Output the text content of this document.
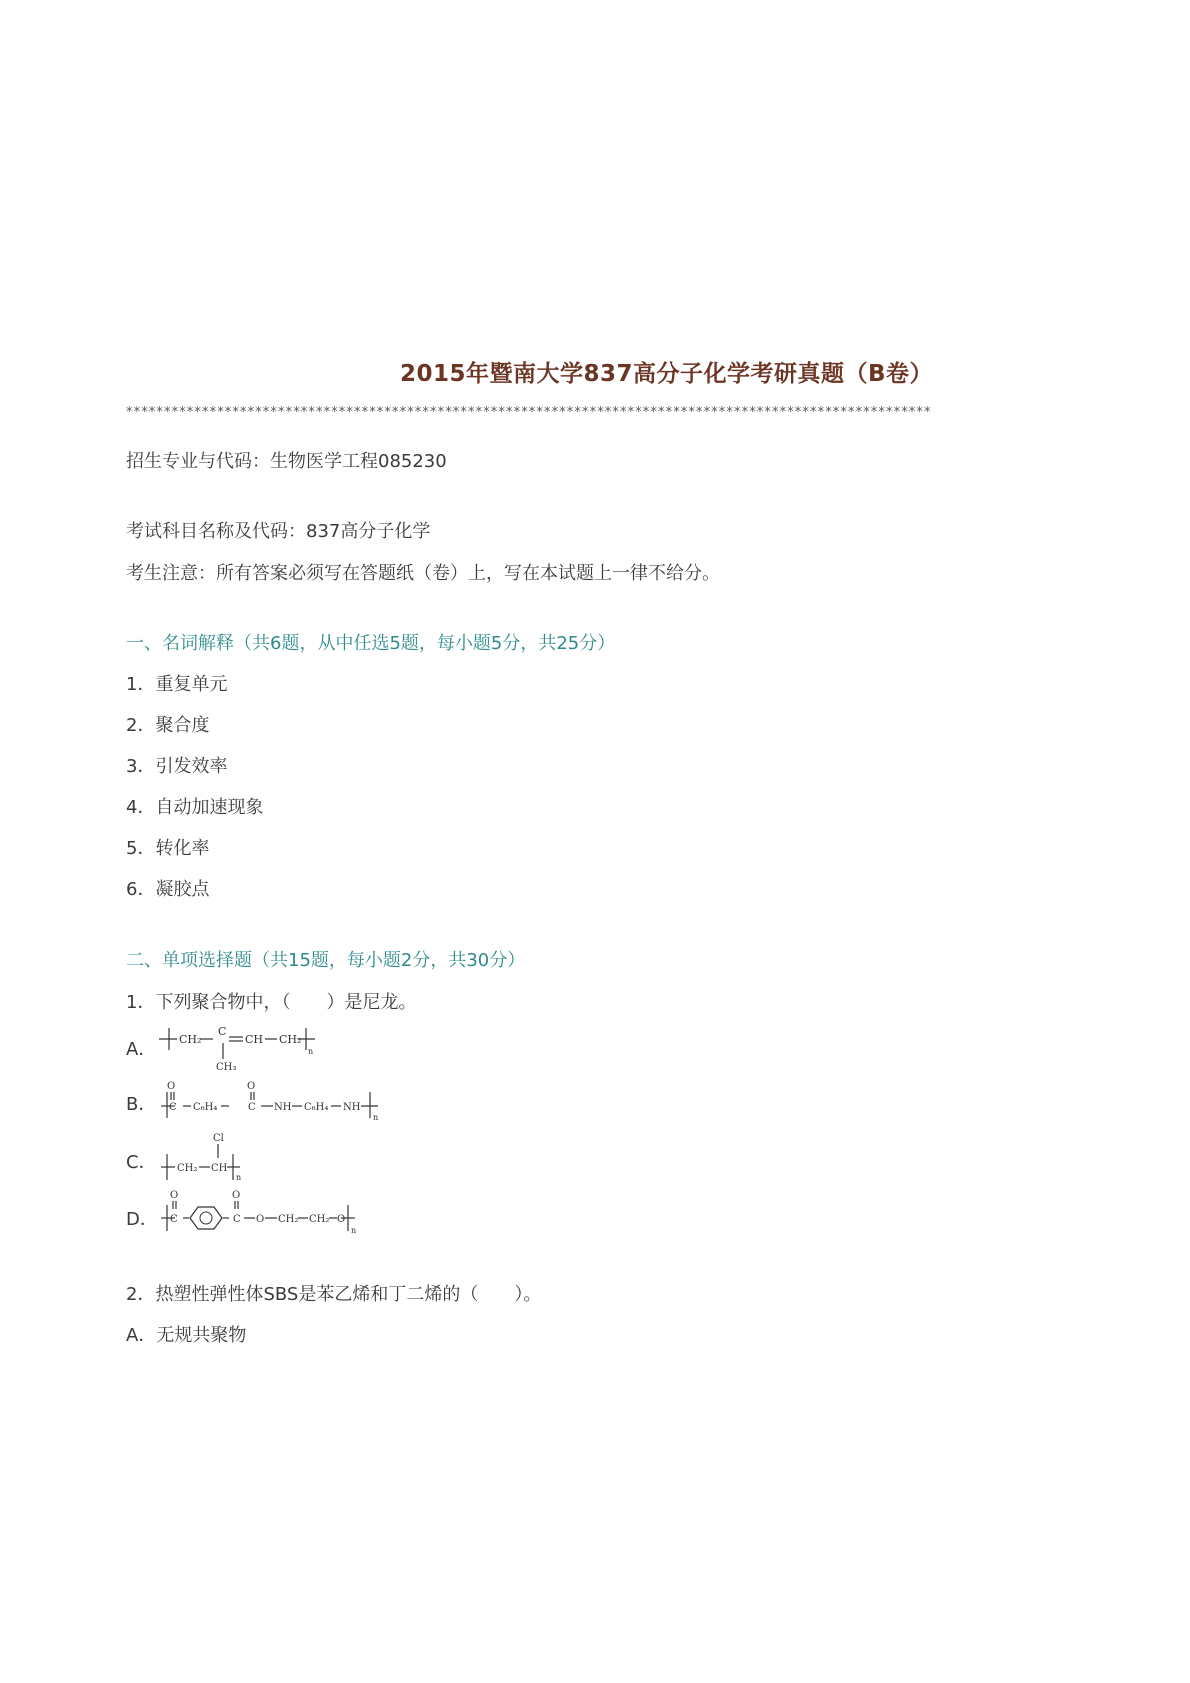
2015年暨南大学837高分子化学考研真题（B卷）
**********************************************************************************************************
招生专业与代码：生物医学工程085230
考试科目名称及代码：837高分子化学
考生注意：所有答案必须写在答题纸（卷）上，写在本试题上一律不给分。
一、名词解释（共6题，从中任选5题，每小题5分，共25分）
1．重复单元
2．聚合度
3．引发效率
4．自动加速现象
5．转化率
6．凝胶点
二、单项选择题（共15题，每小题2分，共30分）
1．下列聚合物中，（　　）是尼龙。
A． CH₂
C
CH CH₂
CH₃
n
B．
O
C C₆H₄
O
C NH C₆H₄ NH
n
C．
Cl
CH₂ CH
n
D．
O
C
O
C O CH₂ CH₂ O
n
2．热塑性弹性体SBS是苯乙烯和丁二烯的（　　）。
A．无规共聚物
